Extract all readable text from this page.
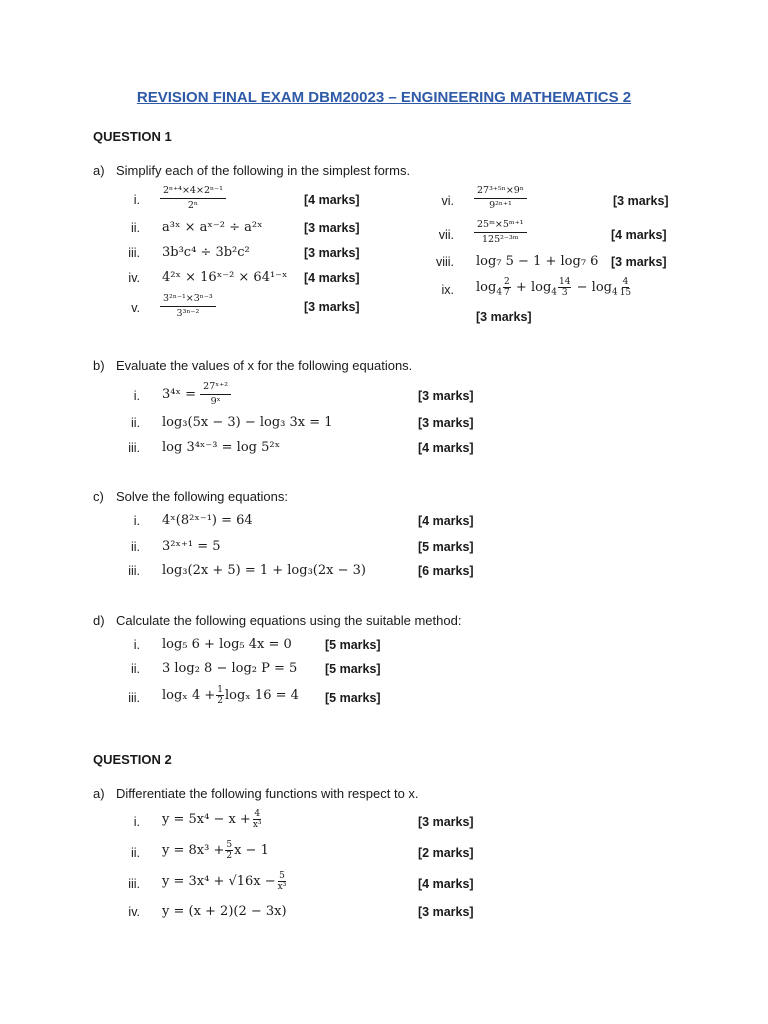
REVISION FINAL EXAM DBM20023 – ENGINEERING MATHEMATICS 2
QUESTION 1
a) Simplify each of the following in the simplest forms.
i. $\frac{\text{2ⁿ⁺⁴×4×2ⁿ⁻¹}}{\text{2ⁿ}}$	[4 marks]
ii. a³ˣ × aˣ⁻² ÷ a²ˣ	[3 marks]
iii. 3b³c⁴ ÷ 3b²c²	[3 marks]
iv. 4²ˣ × 16ˣ⁻² × 64¹⁻ˣ [4 marks]
v. $\frac{\text{3²ⁿ⁻¹×3ⁿ⁻³}}{\text{3³ⁿ⁻²}}$	[3 marks]
vi. $\frac{\text{27³⁺⁵ⁿ×9ⁿ}}{\text{9²ⁿ⁺¹}}$	[3 marks]
vii. $\frac{\text{25ᵐ×5ᵐ⁺¹}}{\text{125²⁻³ᵐ}}$	[4 marks]
viii. log₇ 5 − 1 + log₇ 6 [3 marks]
ix. $\log_4 \frac{2}{7} + \log_4 \frac{14}{3} - \log_4 \frac{4}{15}$
[3 marks]
b) Evaluate the values of x for the following equations.
i. 3⁴ˣ = $\frac{\text{27ˣ⁺²}}{\text{9ˣ}}$	[3 marks]
ii. log₃(5x − 3) − log₃ 3x = 1	[3 marks]
iii. log 3⁴ˣ⁻³ = log 5²ˣ	[4 marks]
c) Solve the following equations:
i. 4ˣ(8²ˣ⁻¹) = 64	[4 marks]
ii. 3²ˣ⁺¹ = 5	[5 marks]
iii. log₃(2x + 5) = 1 + log₃(2x − 3)	[6 marks]
d) Calculate the following equations using the suitable method:
i. log₅ 6 + log₅ 4x = 0	[5 marks]
ii. 3 log₂ 8 − log₂ P = 5 [5 marks]
iii. logₓ $4 + \frac{1}{2}$ logₓ 16 = 4 [5 marks]
QUESTION 2
a) Differentiate the following functions with respect to x.
i. $y = 5x^4 - x + \frac{4}{\text{x³}}$	[3 marks]
ii. $y = 8x^3 + \frac{5}{2}$ x − 1	[2 marks]
iii. $y = 3x^4 + √16x - \frac{5}{\text{x³}}$	[4 marks]
iv. y = (x + 2)(2 − 3x)	[3 marks]
